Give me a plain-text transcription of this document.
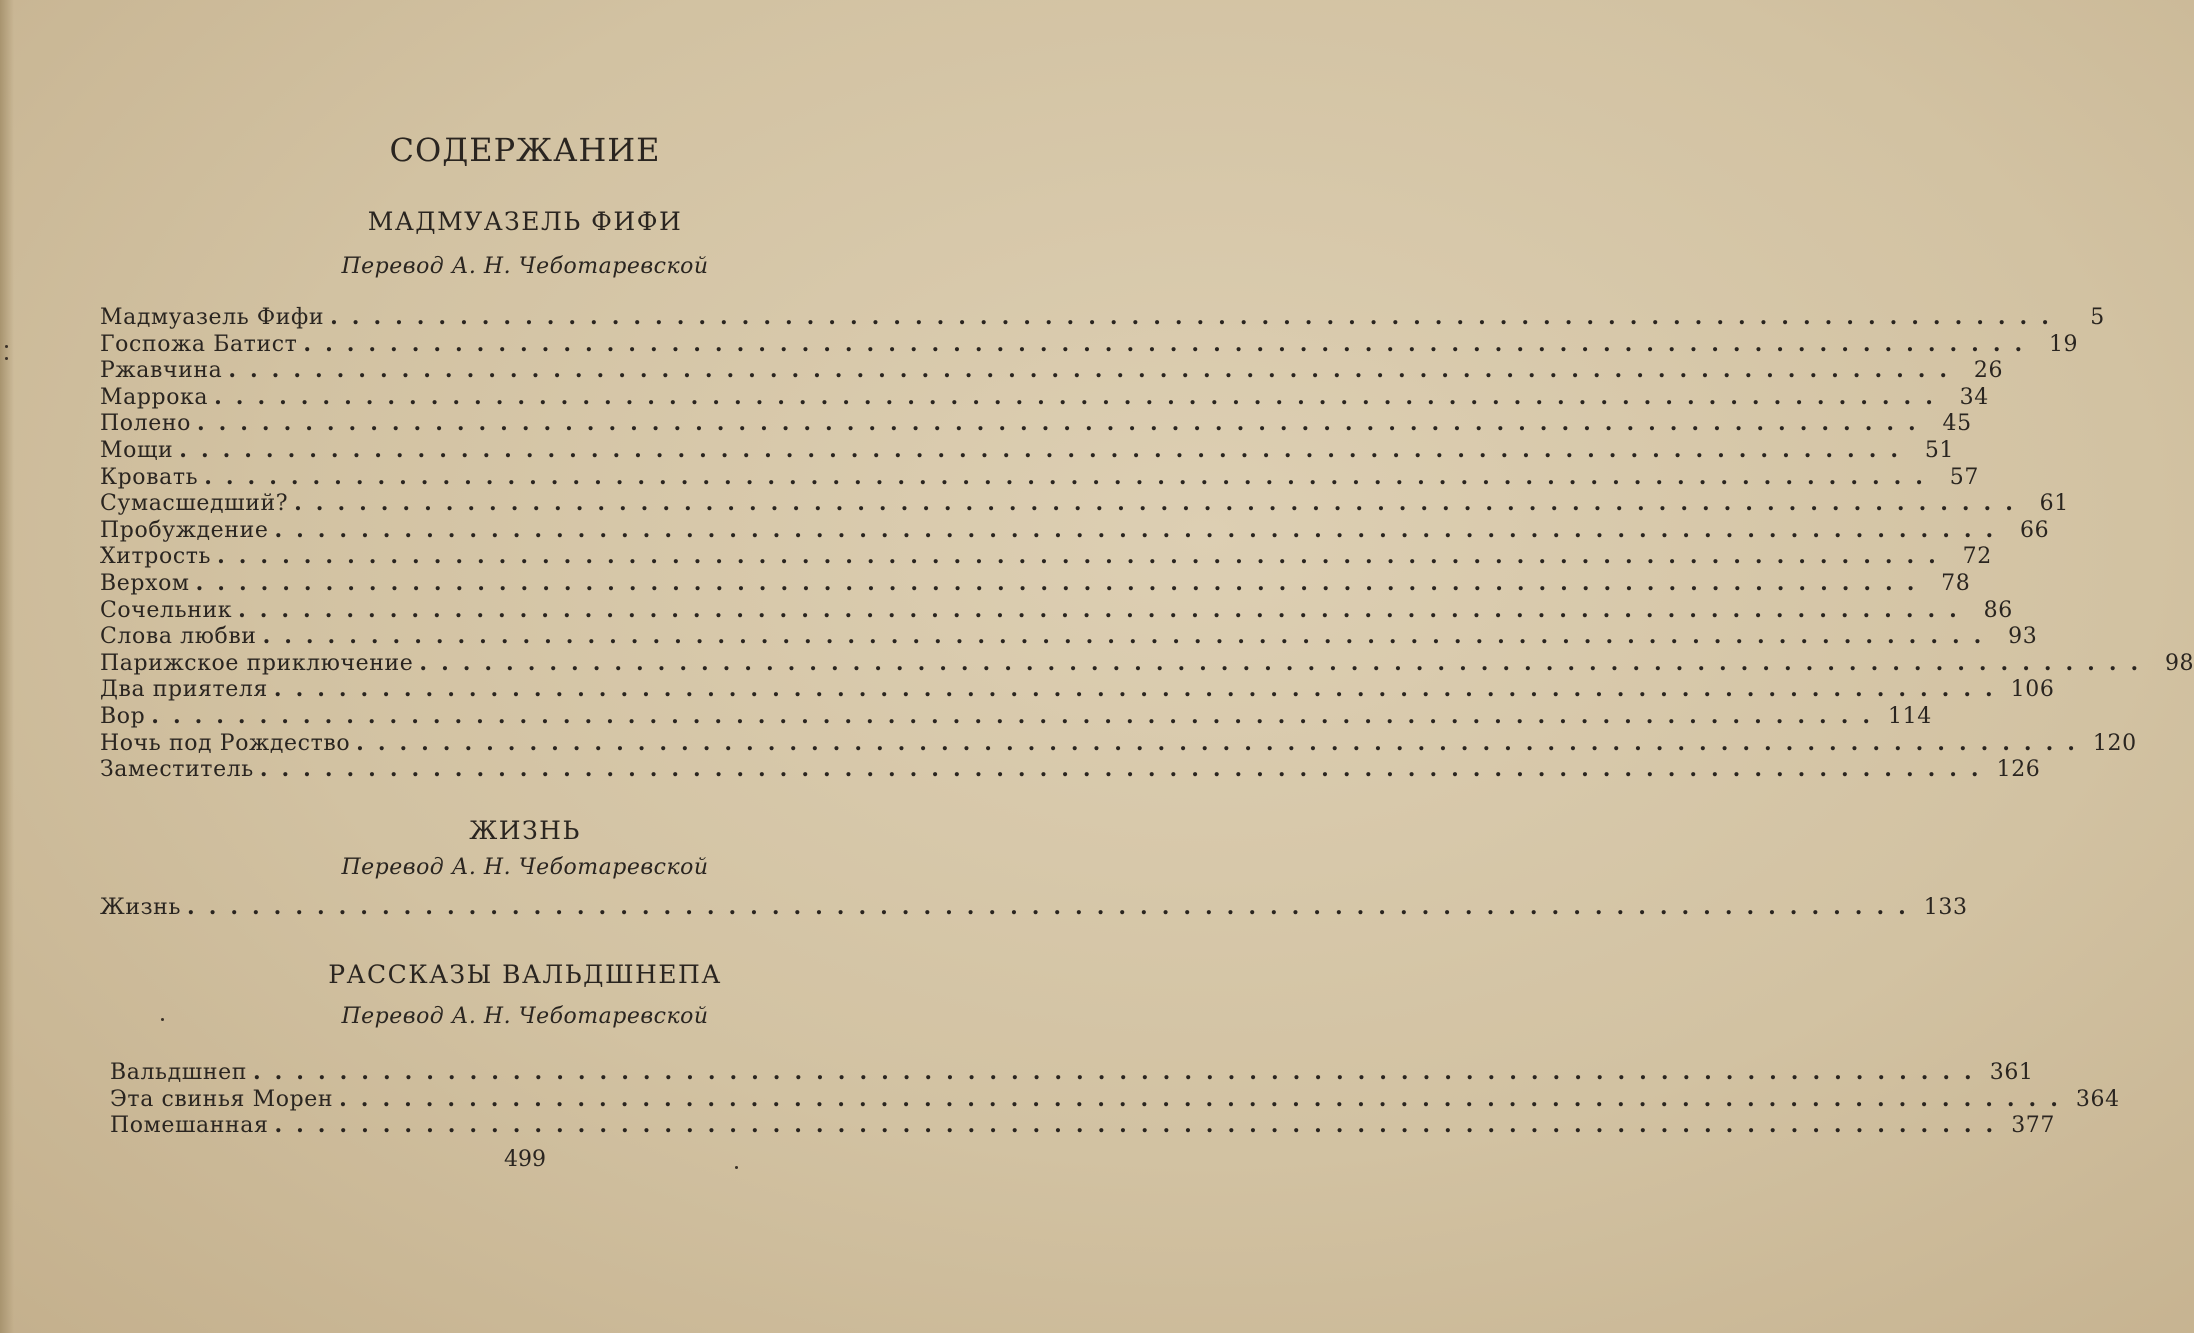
СОДЕРЖАНИЕ
МАДМУАЗЕЛЬ ФИФИ
Перевод А. Н. Чеботаревской
Мадмуазель Фифи ................................................................................	5
Госпожа Батист ................................................................................ 19
Ржавчина ................................................................................ 26
Маррока ................................................................................ 34
Полено ................................................................................ 45
Мощи ................................................................................ 51
Кровать ................................................................................ 57
Сумасшедший? ................................................................................ 61
Пробуждение ................................................................................ 66
Хитрость ................................................................................ 72
Верхом ................................................................................ 78
Сочельник ................................................................................ 86
Слова любви ................................................................................ 93
Парижское приключение ................................................................................ 98
Два приятеля ................................................................................ 106
Вор ................................................................................ 114
Ночь под Рождество ................................................................................ 120
Заместитель ................................................................................ 126
ЖИЗНЬ
Перевод А. Н. Чеботаревской
Жизнь ................................................................................ 133
РАССКАЗЫ ВАЛЬДШНЕПА
Перевод А. Н. Чеботаревской
Вальдшнеп ................................................................................ 361
Эта свинья Морен ................................................................................ 364
Помешанная ................................................................................ 377
499
